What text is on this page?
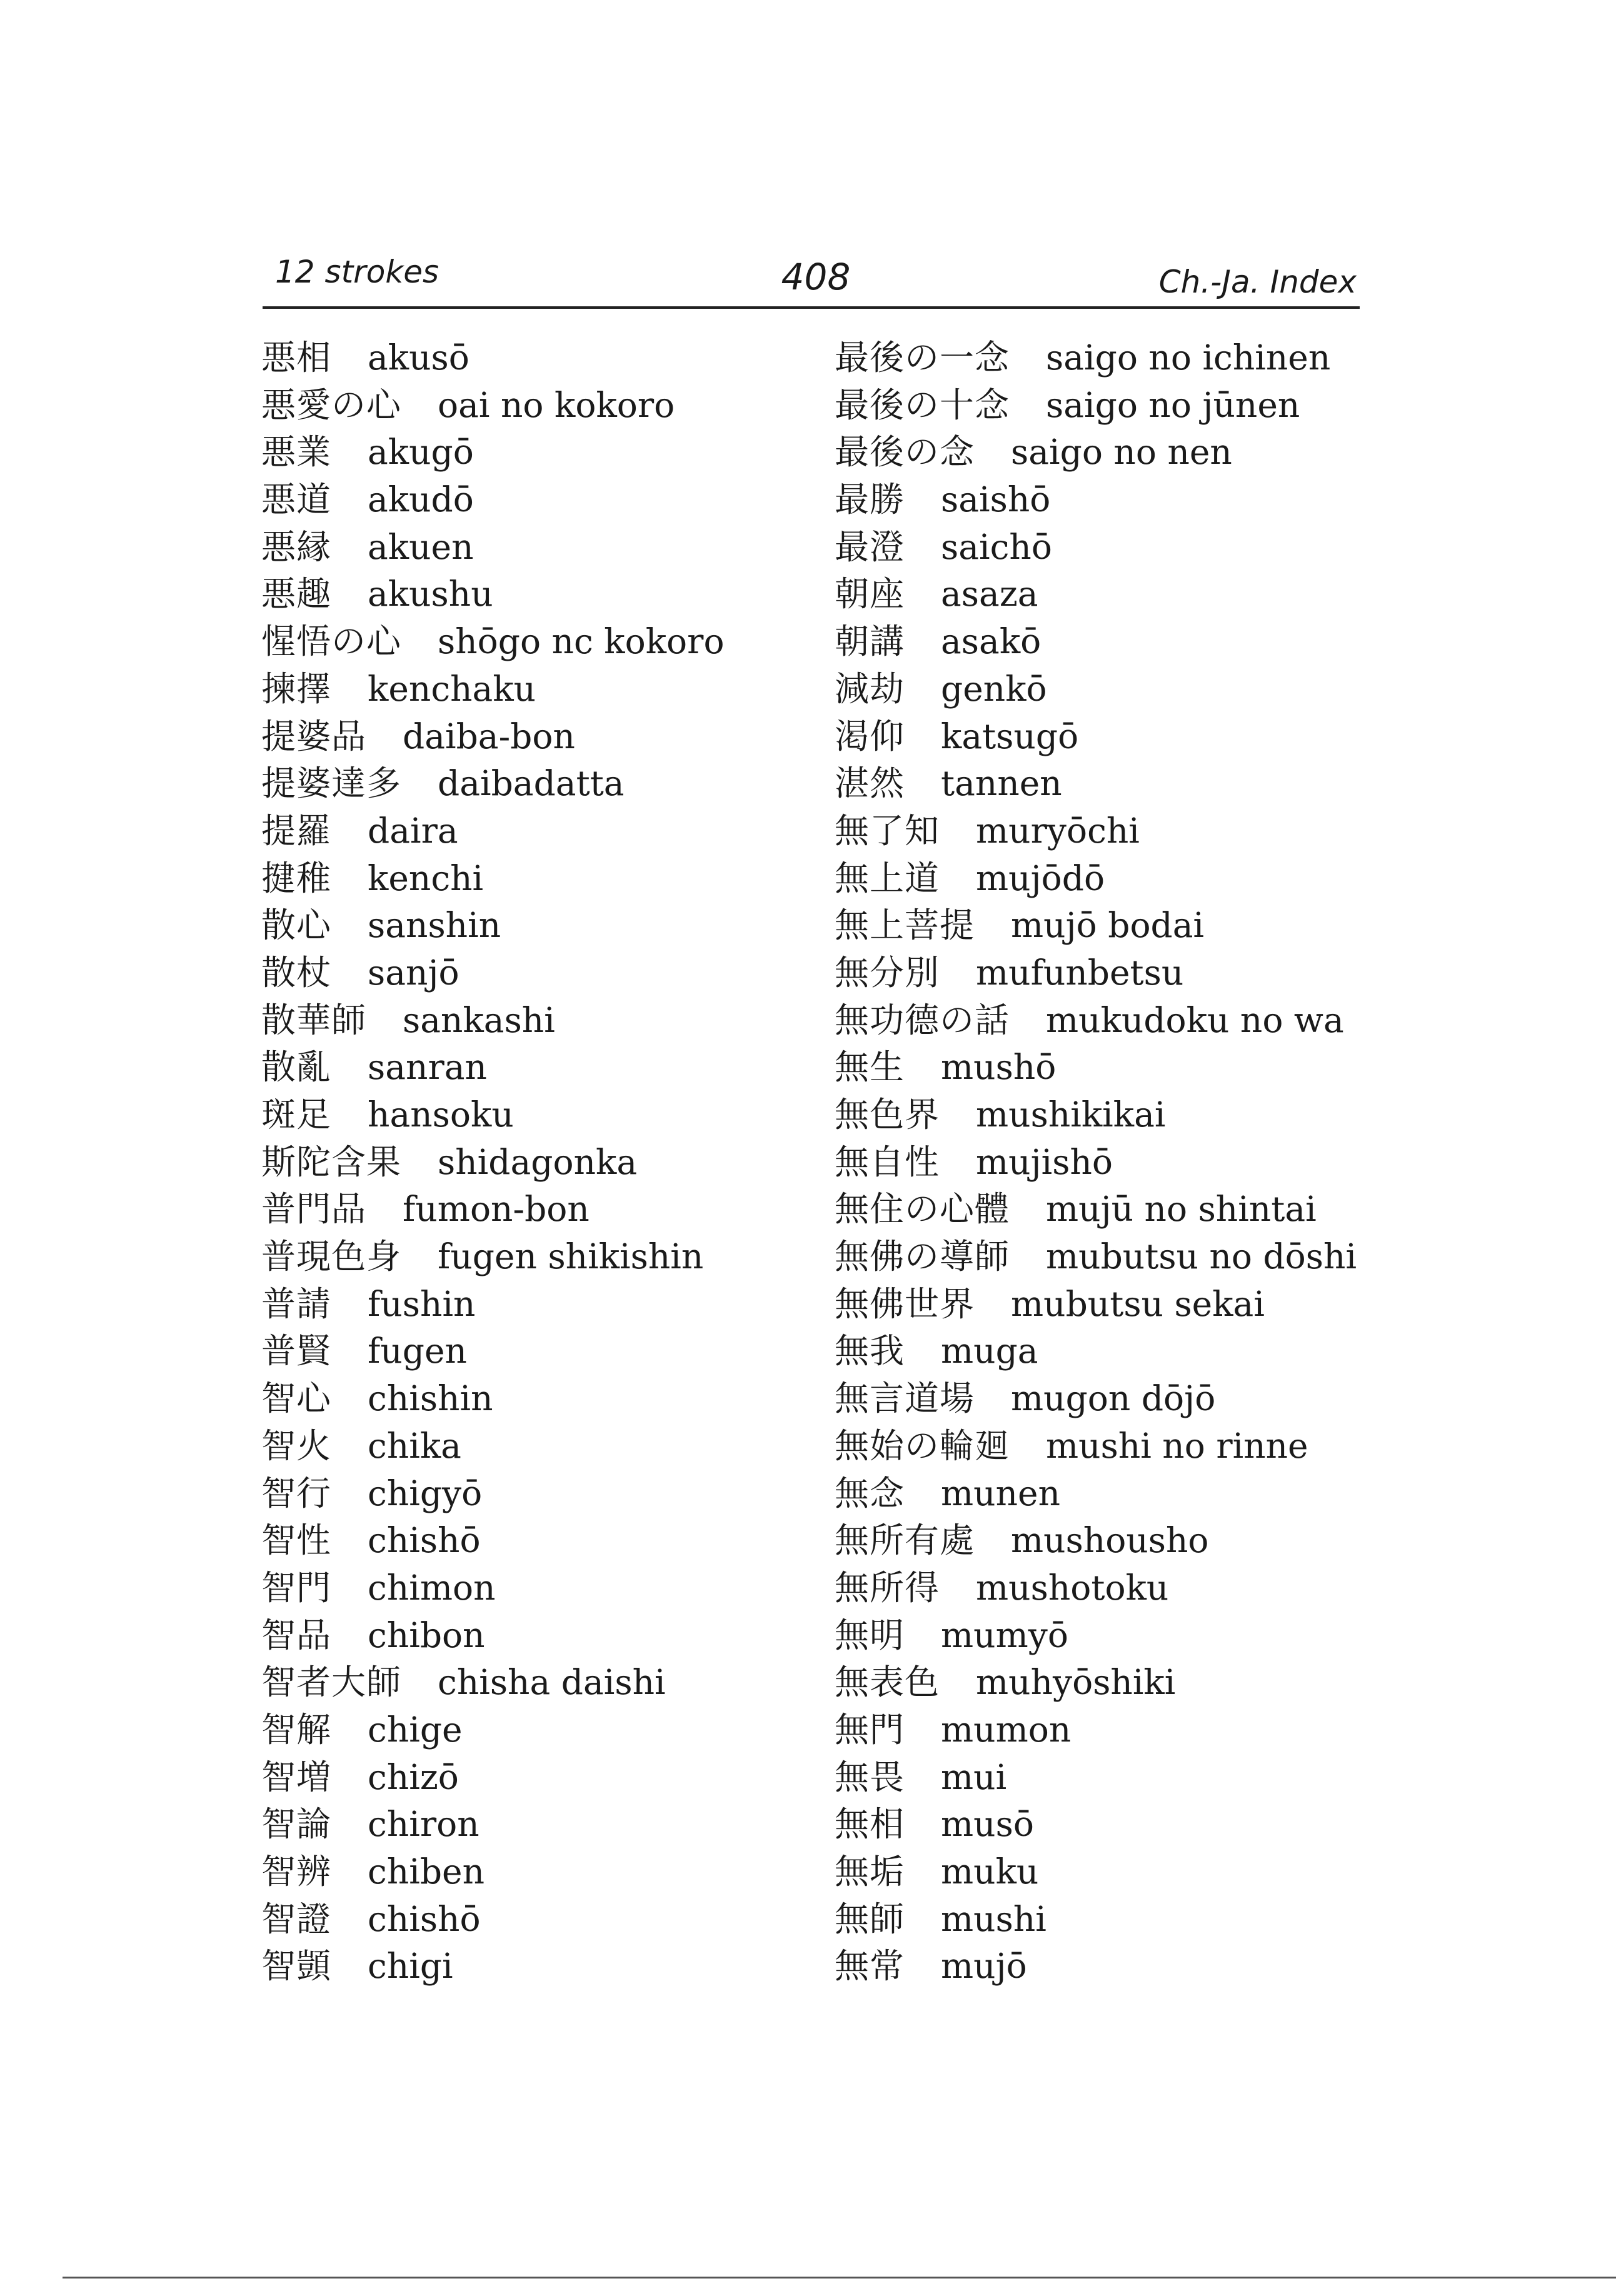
12 strokes	408	Ch.-Ja. Index
悪相 akusō
悪愛の心 oai no kokoro
悪業 akugō
悪道 akudō
悪縁 akuen
悪趣 akushu
惺悟の心 shōgo nc kokoro
揀擇 kenchaku
提婆品 daiba-bon
提婆達多 daibadatta
提羅 daira
揵稚 kenchi
散心 sanshin
散杖 sanjō
散華師 sankashi
散亂 sanran
斑足 hansoku
斯陀含果 shidagonka
普門品 fumon-bon
普現色身 fugen shikishin
普請 fushin
普賢 fugen
智心 chishin
智火 chika
智行 chigyō
智性 chishō
智門 chimon
智品 chibon
智者大師 chisha daishi
智解 chige
智増 chizō
智論 chiron
智辨 chiben
智證 chishō
智顗 chigi
最後の一念 saigo no ichinen
最後の十念 saigo no jūnen
最後の念 saigo no nen
最勝 saishō
最澄 saichō
朝座 asaza
朝講 asakō
減劫 genkō
渇仰 katsugō
湛然 tannen
無了知 muryōchi
無上道 mujōdō
無上菩提 mujō bodai
無分別 mufunbetsu
無功德の話 mukudoku no wa
無生 mushō
無色界 mushikikai
無自性 mujishō
無住の心體 mujū no shintai
無佛の導師 mubutsu no dōshi
無佛世界 mubutsu sekai
無我 muga
無言道場 mugon dōjō
無始の輪廻 mushi no rinne
無念 munen
無所有處 mushousho
無所得 mushotoku
無明 mumyō
無表色 muhyōshiki
無門 mumon
無畏 mui
無相 musō
無垢 muku
無師 mushi
無常 mujō
